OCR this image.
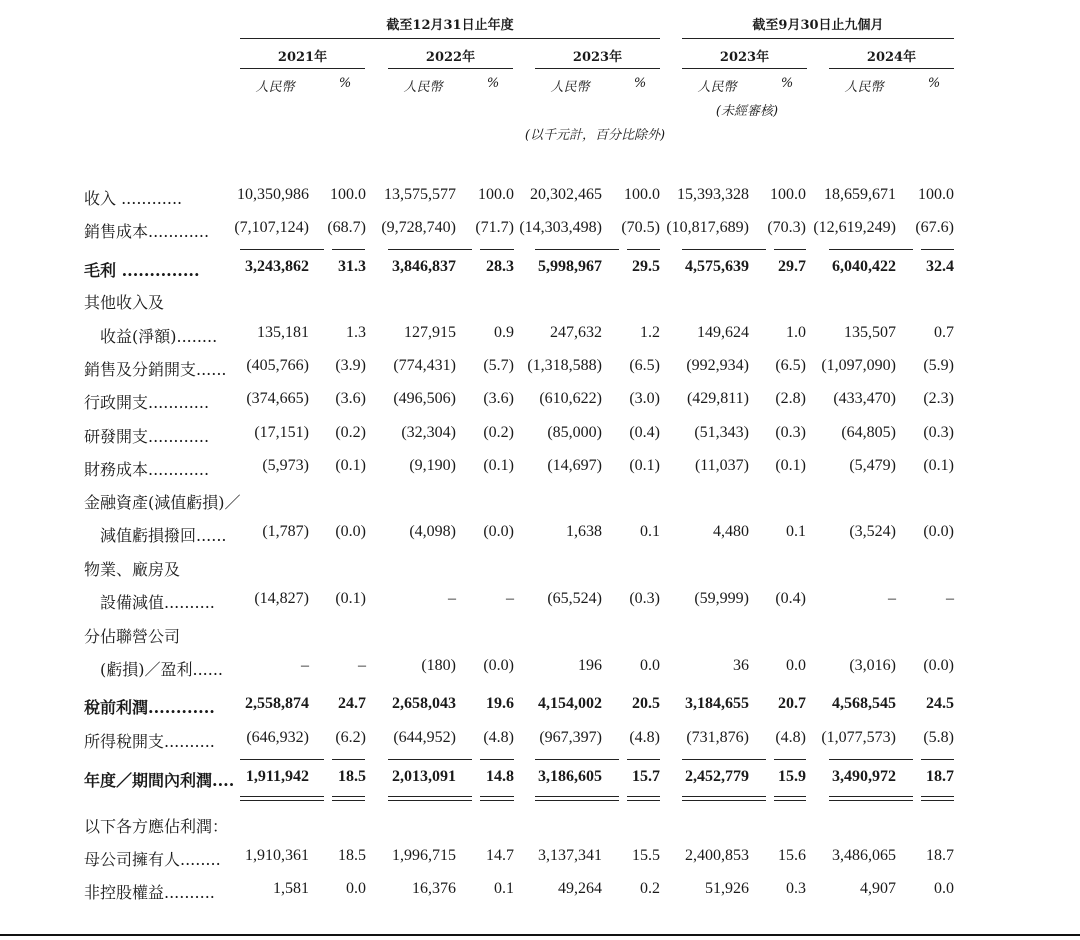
截至12月31日止年度	截至9月30日止九個月
2021年	2022年	2023年	2023年	2024年
人民幣	%	人民幣	%	人民幣	%	人民幣	%	人民幣	%
(未經審核)
(以千元計，百分比除外)
收入 ............	10,350,986	100.0	13,575,577	100.0	20,302,465	100.0	15,393,328	100.0	18,659,671	100.0
銷售成本............	(7,107,124)	(68.7) (9,728,740)	(71.7) (14,303,498)	(70.5) (10,817,689)	(70.3) (12,619,249)	(67.6)
毛利 ..............	3,243,862	31.3	3,846,837	28.3	5,998,967	29.5	4,575,639	29.7	6,040,422	32.4
其他收入及
　收益(淨額)........	135,181	1.3	127,915	0.9	247,632	1.2	149,624	1.0	135,507	0.7
銷售及分銷開支......	(405,766)	(3.9)	(774,431)	(5.7) (1,318,588)	(6.5)	(992,934)	(6.5) (1,097,090)	(5.9)
行政開支............	(374,665)	(3.6)	(496,506)	(3.6)	(610,622)	(3.0)	(429,811)	(2.8)	(433,470)	(2.3)
研發開支............	(17,151)	(0.2)	(32,304)	(0.2)	(85,000)	(0.4)	(51,343)	(0.3)	(64,805)	(0.3)
財務成本............	(5,973)	(0.1)	(9,190)	(0.1)	(14,697)	(0.1)	(11,037)	(0.1)	(5,479)	(0.1)
金融資產(減值虧損)／
　減值虧損撥回......	(1,787)	(0.0)	(4,098)	(0.0)	1,638	0.1	4,480	0.1	(3,524)	(0.0)
物業、廠房及
　設備減值..........	(14,827)	(0.1)	–	–	(65,524)	(0.3)	(59,999)	(0.4)	–	–
分佔聯營公司
　(虧損)／盈利......	–	–	(180)	(0.0)	196	0.0	36	0.0	(3,016)	(0.0)
稅前利潤............	2,558,874	24.7	2,658,043	19.6	4,154,002	20.5	3,184,655	20.7	4,568,545	24.5
所得稅開支..........	(646,932)	(6.2)	(644,952)	(4.8)	(967,397)	(4.8)	(731,876)	(4.8) (1,077,573)	(5.8)
年度／期間內利潤.... 1,911,942	18.5	2,013,091	14.8	3,186,605	15.7	2,452,779	15.9	3,490,972	18.7
以下各方應佔利潤：
母公司擁有人........	1,910,361	18.5	1,996,715	14.7	3,137,341	15.5	2,400,853	15.6	3,486,065	18.7
非控股權益..........	1,581	0.0	16,376	0.1	49,264	0.2	51,926	0.3	4,907	0.0
